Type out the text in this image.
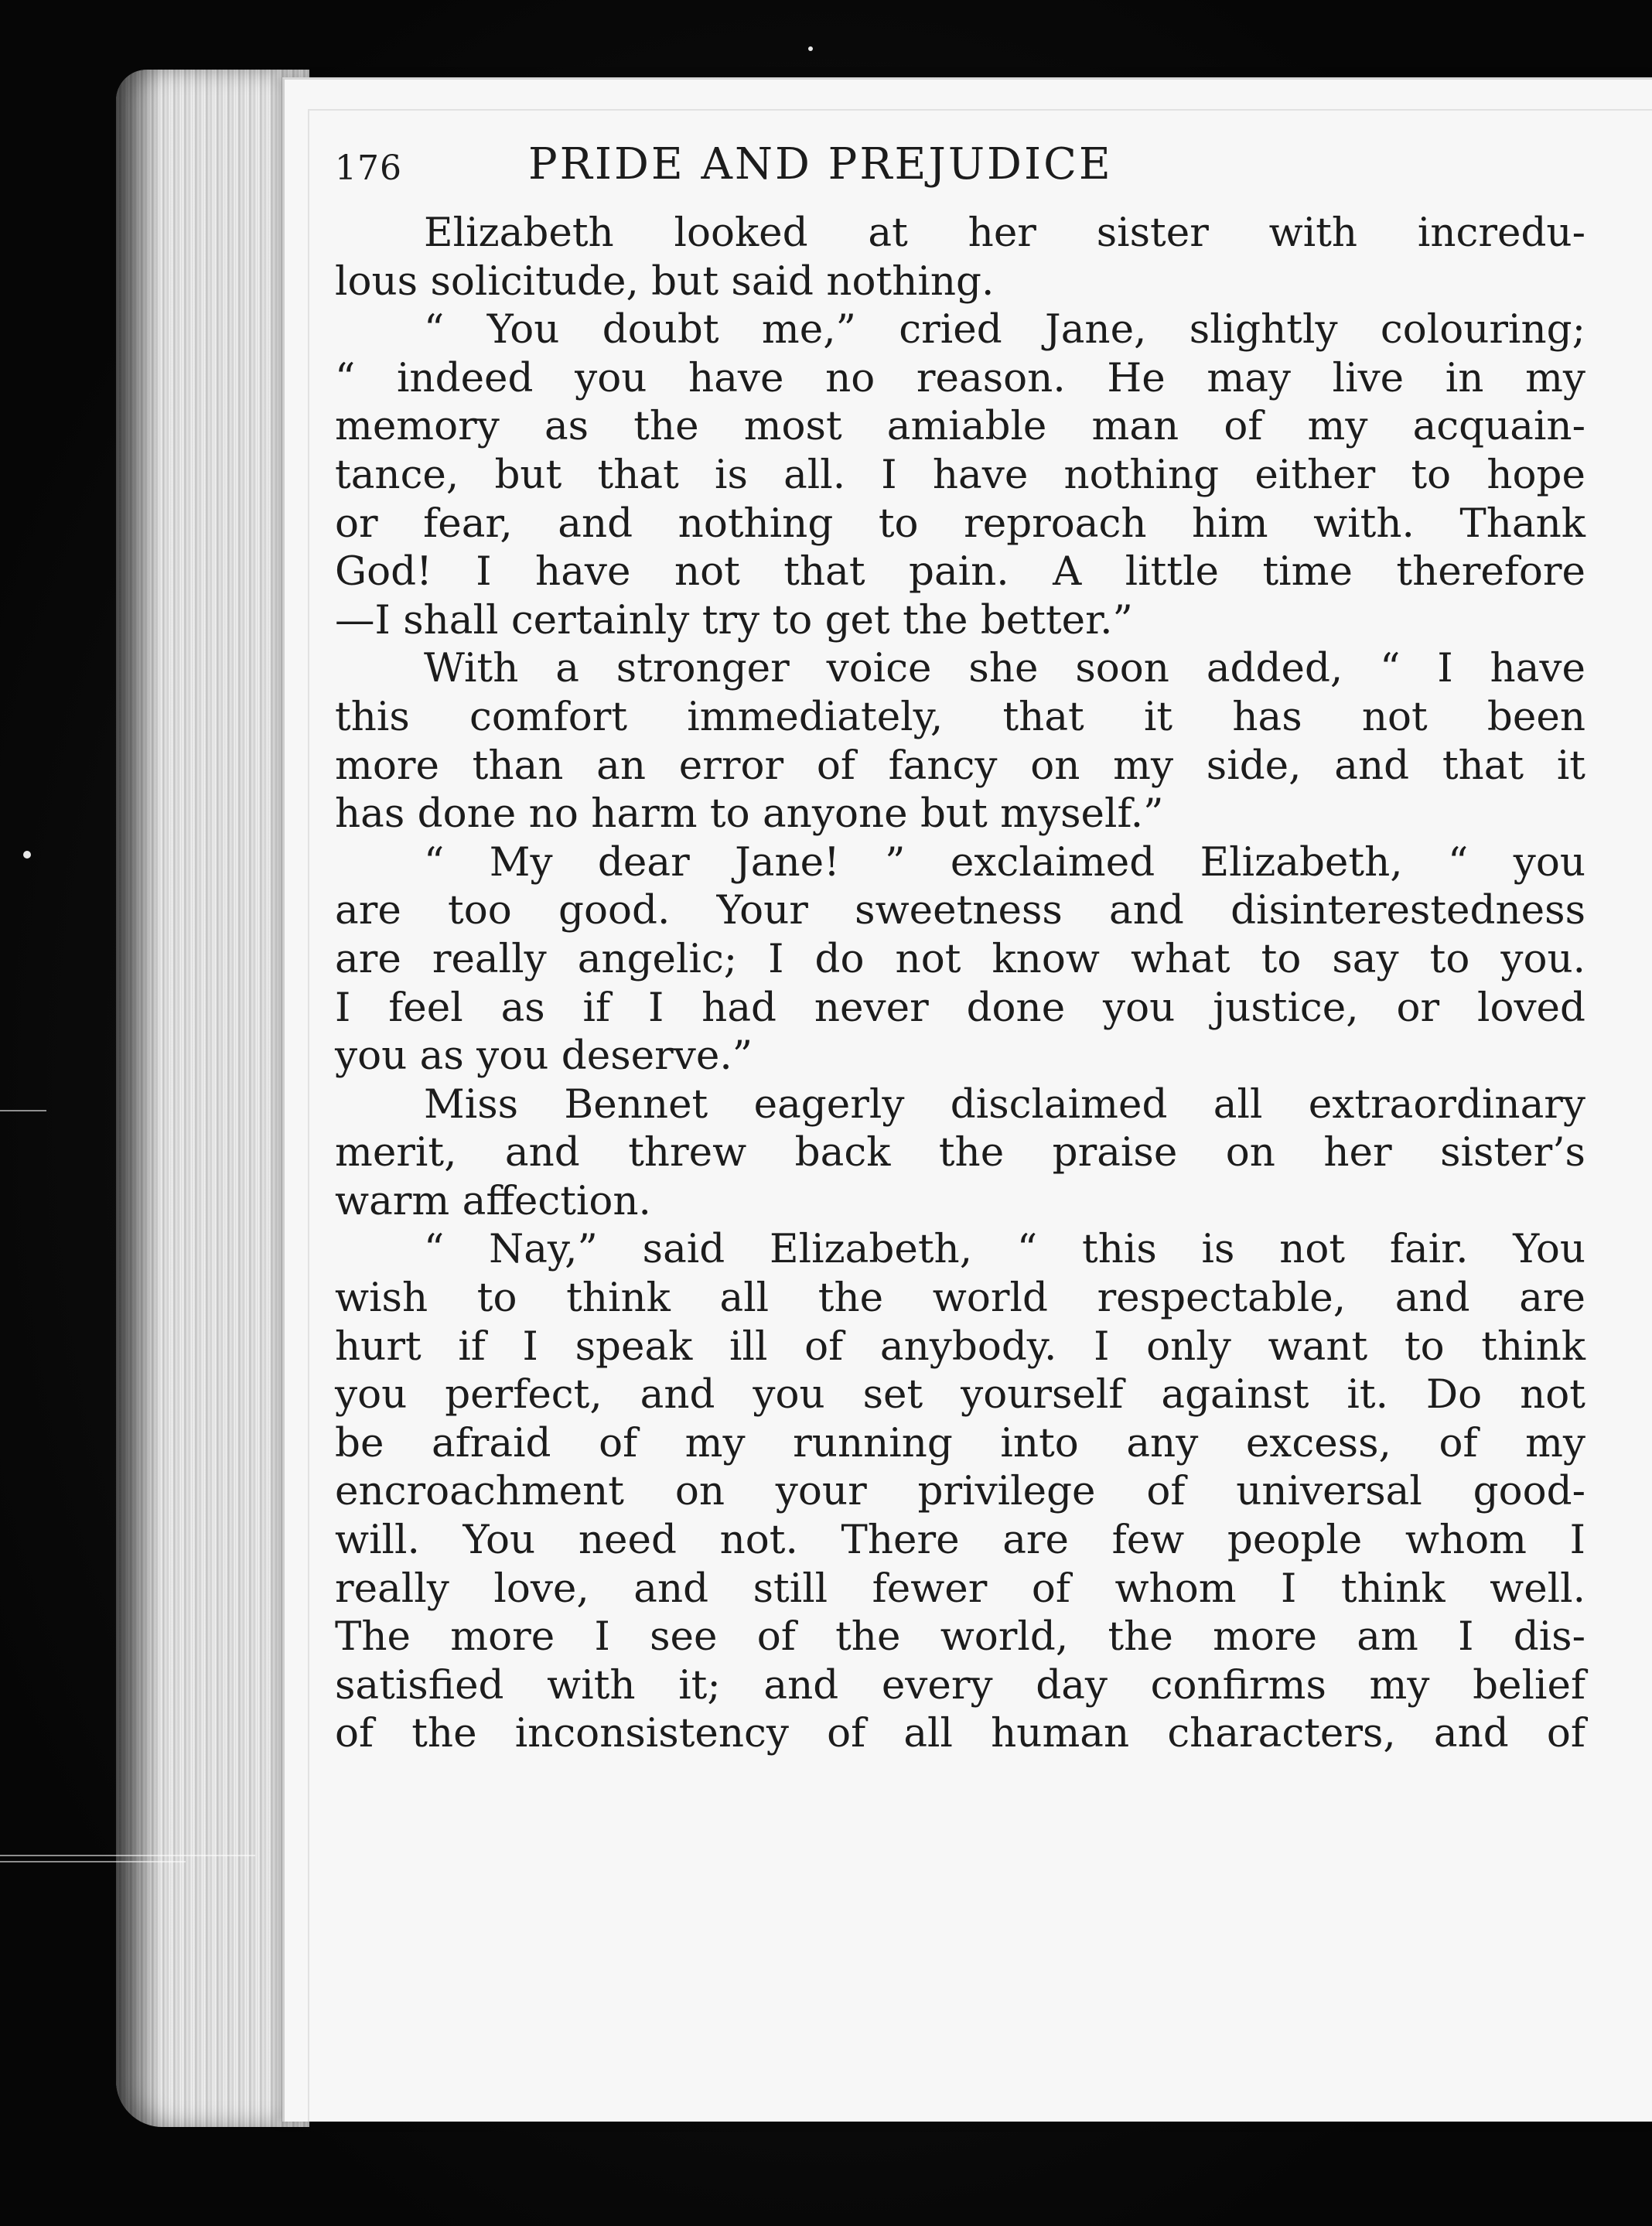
176	PRIDE AND PREJUDICE
Elizabeth looked at her sister with incredu-
lous solicitude, but said nothing.
“ You doubt me,” cried Jane, slightly colouring;
“ indeed you have no reason. He may live in my
memory as the most amiable man of my acquain-
tance, but that is all. I have nothing either to hope
or fear, and nothing to reproach him with. Thank
God! I have not that pain. A little time therefore
—I shall certainly try to get the better.”
With a stronger voice she soon added, “ I have
this comfort immediately, that it has not been
more than an error of fancy on my side, and that it
has done no harm to anyone but myself.”
“ My dear Jane! ” exclaimed Elizabeth, “ you
are too good. Your sweetness and disinterestedness
are really angelic; I do not know what to say to you.
I feel as if I had never done you justice, or loved
you as you deserve.”
Miss Bennet eagerly disclaimed all extraordinary
merit, and threw back the praise on her sister’s
warm affection.
“ Nay,” said Elizabeth, “ this is not fair. You
wish to think all the world respectable, and are
hurt if I speak ill of anybody. I only want to think
you perfect, and you set yourself against it. Do not
be afraid of my running into any excess, of my
encroachment on your privilege of universal good-
will. You need not. There are few people whom I
really love, and still fewer of whom I think well.
The more I see of the world, the more am I dis-
satisfied with it; and every day confirms my belief
of the inconsistency of all human characters, and of
